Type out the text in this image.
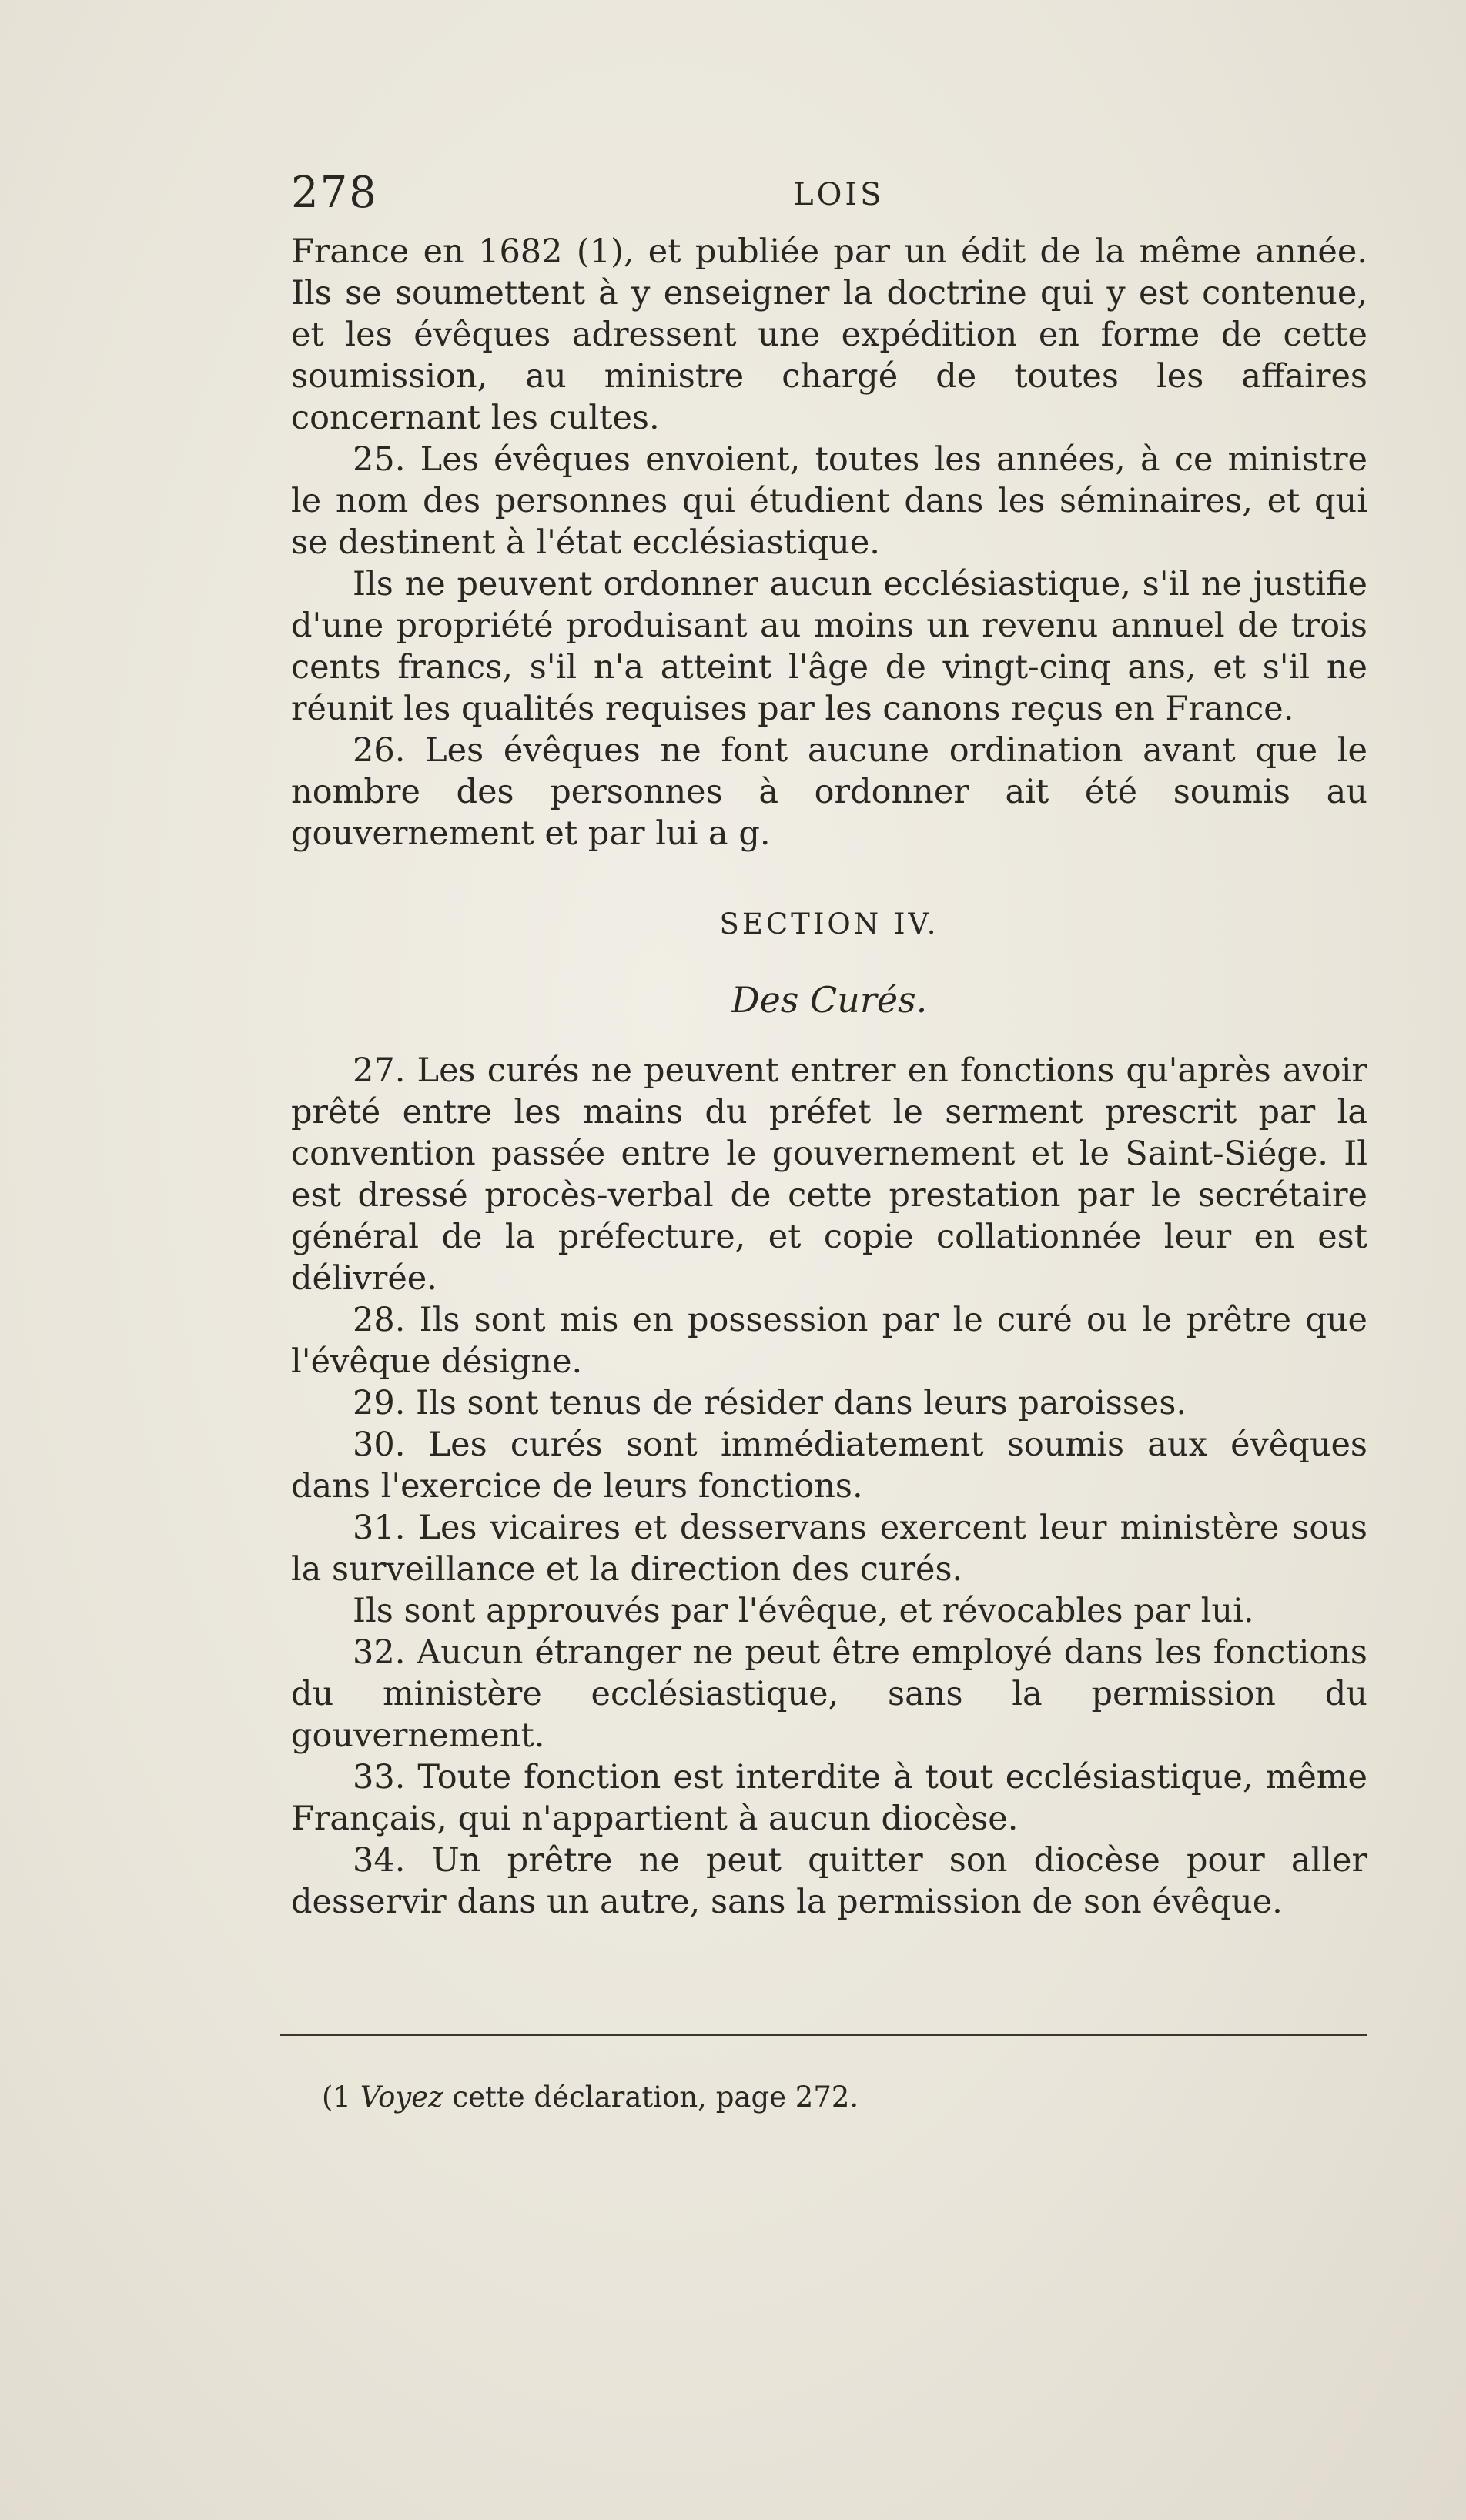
278	LOIS

France en 1682 (1), et publiée par un édit de la même année. Ils se soumettent à y enseigner la doctrine qui y est contenue, et les évêques adressent une expédition en forme de cette soumission, au ministre chargé de toutes les affaires concernant les cultes.

25. Les évêques envoient, toutes les années, à ce ministre le nom des personnes qui étudient dans les séminaires, et qui se destinent à l'état ecclésiastique.

Ils ne peuvent ordonner aucun ecclésiastique, s'il ne justifie d'une propriété produisant au moins un revenu annuel de trois cents francs, s'il n'a atteint l'âge de vingt-cinq ans, et s'il ne réunit les qualités requises par les canons reçus en France.

26. Les évêques ne font aucune ordination avant que le nombre des personnes à ordonner ait été soumis au gouvernement et par lui a g.

SECTION IV.
Des Curés.

27. Les curés ne peuvent entrer en fonctions qu'après avoir prêté entre les mains du préfet le serment prescrit par la convention passée entre le gouvernement et le Saint-Siége. Il est dressé procès-verbal de cette prestation par le secrétaire général de la préfecture, et copie collationnée leur en est délivrée.

28. Ils sont mis en possession par le curé ou le prêtre que l'évêque désigne.

29. Ils sont tenus de résider dans leurs paroisses.

30. Les curés sont immédiatement soumis aux évêques dans l'exercice de leurs fonctions.

31. Les vicaires et desservans exercent leur ministère sous la surveillance et la direction des curés.

Ils sont approuvés par l'évêque, et révocables par lui.

32. Aucun étranger ne peut être employé dans les fonctions du ministère ecclésiastique, sans la permission du gouvernement.

33. Toute fonction est interdite à tout ecclésiastique, même Français, qui n'appartient à aucun diocèse.

34. Un prêtre ne peut quitter son diocèse pour aller desservir dans un autre, sans la permission de son évêque.

(1 Voyez cette déclaration, page 272.
